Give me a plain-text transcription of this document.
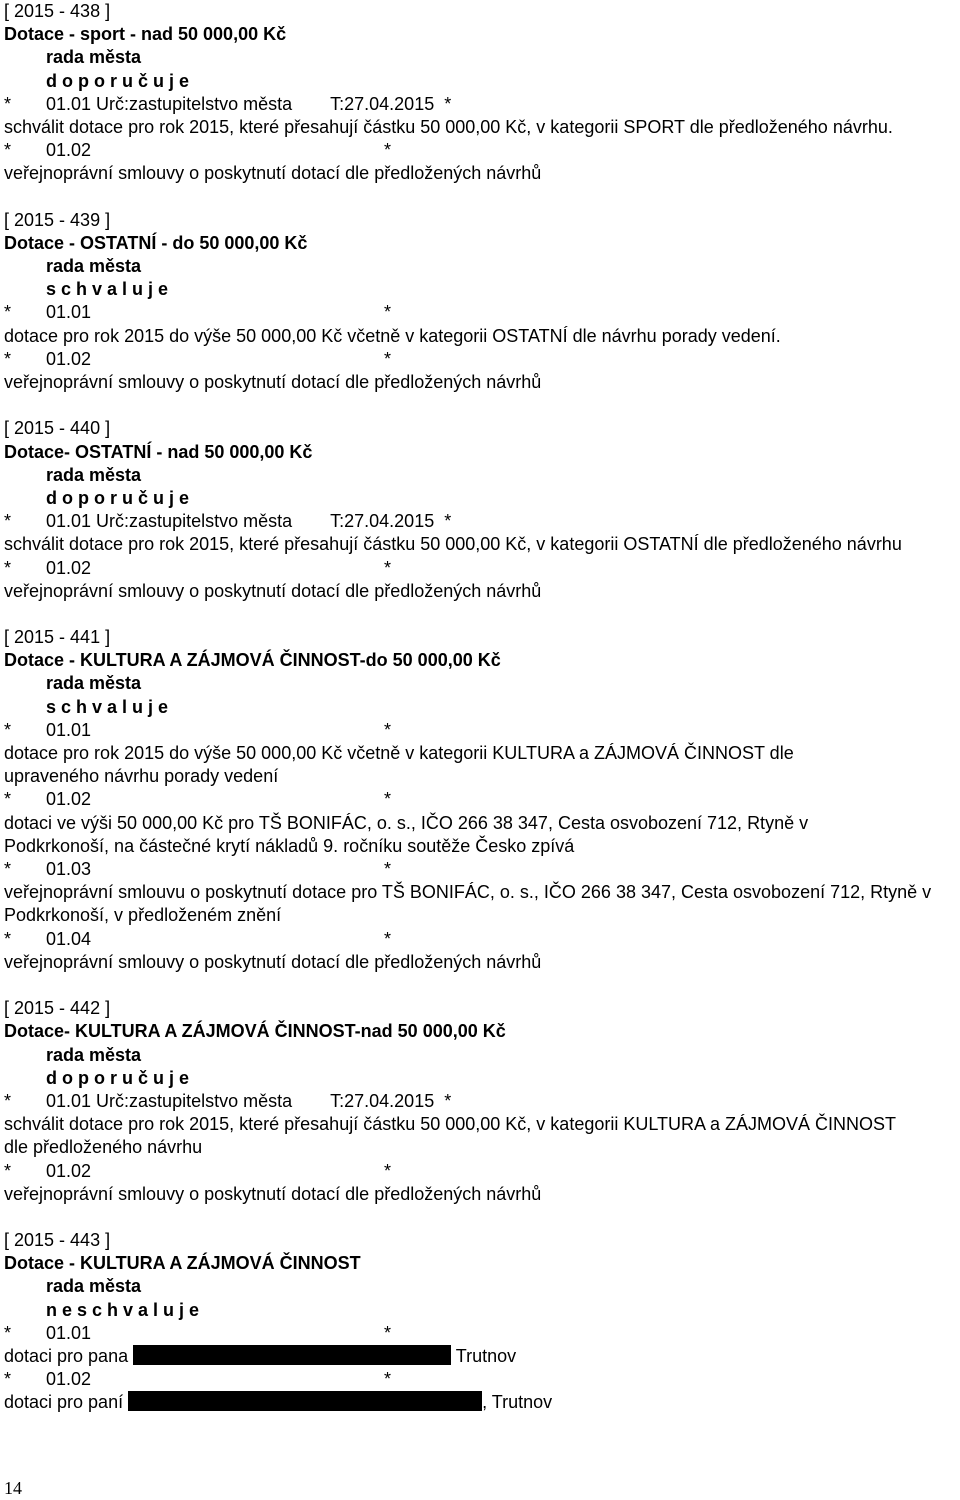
[ 2015 - 438 ]
Dotace - sport - nad 50 000,00 Kč
rada města
d o p o r u č u j e
* 01.01 Urč:zastupitelstvo města T:27.04.2015 *
schválit dotace pro rok 2015, které přesahují částku 50 000,00 Kč, v kategorii SPORT dle předloženého návrhu.
* 01.02	*
veřejnoprávní smlouvy o poskytnutí dotací dle předložených návrhů
[ 2015 - 439 ]
Dotace - OSTATNÍ - do 50 000,00 Kč
rada města
s c h v a l u j e
* 01.01	*
dotace pro rok 2015 do výše 50 000,00 Kč včetně v kategorii OSTATNÍ dle návrhu porady vedení.
* 01.02	*
veřejnoprávní smlouvy o poskytnutí dotací dle předložených návrhů
[ 2015 - 440 ]
Dotace- OSTATNÍ - nad 50 000,00 Kč
rada města
d o p o r u č u j e
* 01.01 Urč:zastupitelstvo města T:27.04.2015 *
schválit dotace pro rok 2015, které přesahují částku 50 000,00 Kč, v kategorii OSTATNÍ dle předloženého návrhu
* 01.02	*
veřejnoprávní smlouvy o poskytnutí dotací dle předložených návrhů
[ 2015 - 441 ]
Dotace - KULTURA A ZÁJMOVÁ ČINNOST-do 50 000,00 Kč
rada města
s c h v a l u j e
* 01.01	*
dotace pro rok 2015 do výše 50 000,00 Kč včetně v kategorii KULTURA a ZÁJMOVÁ ČINNOST dle upraveného návrhu porady vedení
* 01.02	*
dotaci ve výši 50 000,00 Kč pro TŠ BONIFÁC, o. s., IČO 266 38 347, Cesta osvobození 712, Rtyně v Podkrkonoší, na částečné krytí nákladů 9. ročníku soutěže Česko zpívá
* 01.03	*
veřejnoprávní smlouvu o poskytnutí dotace pro TŠ BONIFÁC, o. s., IČO 266 38 347, Cesta osvobození 712, Rtyně v Podkrkonoší, v předloženém znění
* 01.04	*
veřejnoprávní smlouvy o poskytnutí dotací dle předložených návrhů
[ 2015 - 442 ]
Dotace- KULTURA A ZÁJMOVÁ ČINNOST-nad 50 000,00 Kč
rada města
d o p o r u č u j e
* 01.01 Urč:zastupitelstvo města T:27.04.2015 *
schválit dotace pro rok 2015, které přesahují částku 50 000,00 Kč, v kategorii KULTURA a ZÁJMOVÁ ČINNOST dle předloženého návrhu
* 01.02	*
veřejnoprávní smlouvy o poskytnutí dotací dle předložených návrhů
[ 2015 - 443 ]
Dotace - KULTURA A ZÁJMOVÁ ČINNOST
rada města
n e s c h v a l u j e
* 01.01	*
dotaci pro pana	Trutnov
* 01.02	*
dotaci pro paní	, Trutnov
14
